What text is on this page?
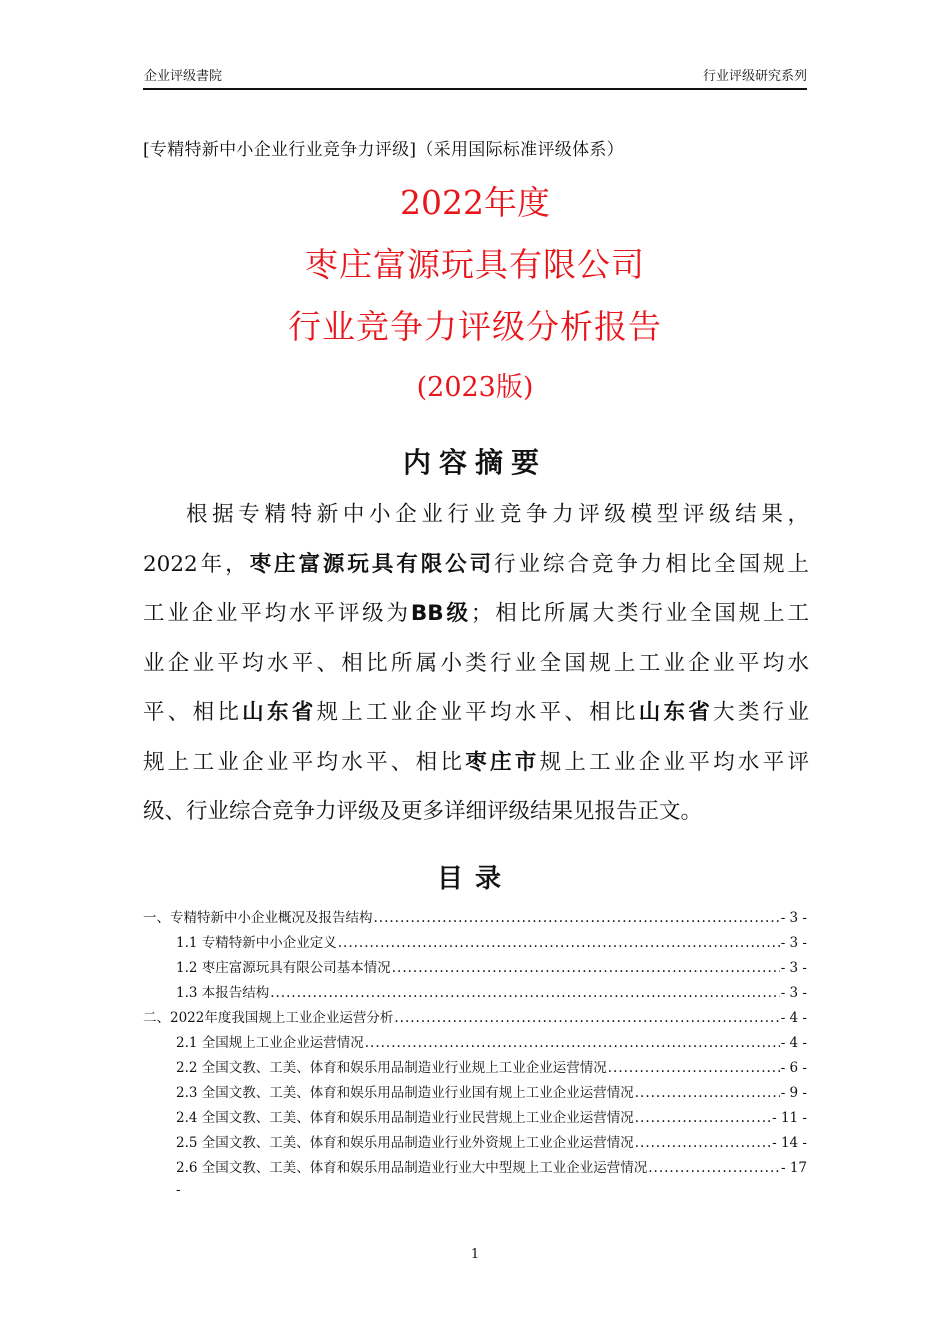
企业评级書院	行业评级研究系列
[专精特新中小企业行业竞争力评级]（采用国际标准评级体系）
2022年度
枣庄富源玩具有限公司
行业竞争力评级分析报告
(2023版)
内容摘要
根据专精特新中小企业行业竞争力评级模型评级结果，
2022年，枣庄富源玩具有限公司行业综合竞争力相比全国规上
工业企业平均水平评级为BB级；相比所属大类行业全国规上工
业企业平均水平、相比所属小类行业全国规上工业企业平均水
平、相比山东省规上工业企业平均水平、相比山东省大类行业
规上工业企业平均水平、相比枣庄市规上工业企业平均水平评
级、行业综合竞争力评级及更多详细评级结果见报告正文。
目录
一、专精特新中小企业概况及报告结构 .....	- 3 -
1.1 专精特新中小企业定义 .....	- 3 -
1.2 枣庄富源玩具有限公司基本情况 .....	- 3 -
1.3 本报告结构 .....	- 3 -
二、2022年度我国规上工业企业运营分析 .....	- 4 -
2.1 全国规上工业企业运营情况 .....	- 4 -
2.2 全国文教、工美、体育和娱乐用品制造业行业规上工业企业运营情况 .....	- 6 -
2.3 全国文教、工美、体育和娱乐用品制造业行业国有规上工业企业运营情况 .....	- 9 -
2.4 全国文教、工美、体育和娱乐用品制造业行业民营规上工业企业运营情况 .....	- 11 -
2.5 全国文教、工美、体育和娱乐用品制造业行业外资规上工业企业运营情况 .....	- 14 -
2.6 全国文教、工美、体育和娱乐用品制造业行业大中型规上工业企业运营情况 .....	- 17
-
1
